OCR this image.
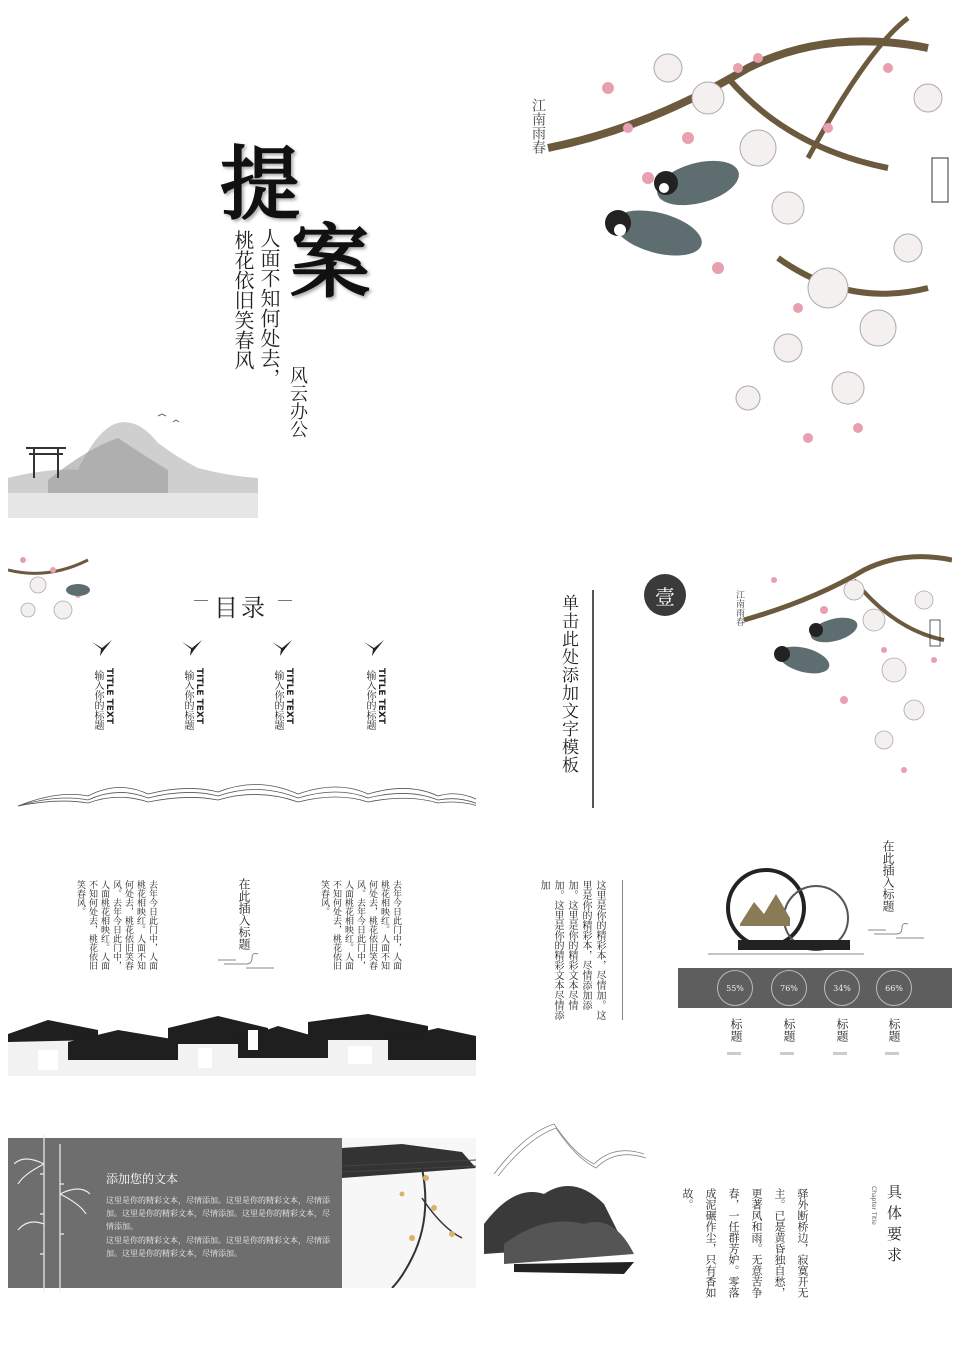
提
案
人面不知何处去，
桃花依旧笑春风
风云办公
江南雨春
目录
TITLE TEXT
输入你的标题	TITLE TEXT
输入你的标题	TITLE TEXT
输入你的标题	TITLE TEXT
输入你的标题	单击此处添加文字模板	壹	江南雨春
去年今日此门中，人面桃花相映红。人面不知何处去，桃花依旧笑春风。去年今日此门中，人面桃花相映红。人面不知何处去，桃花依旧笑春风。	在此插入标题	去年今日此门中，人面桃花相映红。人面不知何处去，桃花依旧笑春风。去年今日此门中，人面桃花相映红。人面不知何处去，桃花依旧笑春风。	这里是你的精彩本，尽情加。这里是你的精彩本，尽情添加添加。这里是你的精彩文本尽情加。这里是你的精彩文本尽情添加	在此插入标题
55%	76%	34%	66%
标题	标题	标题	标题
添加您的文本
这里是你的精彩文本，尽情添加。这里是你的精彩文本，尽情添加。这里是你的精彩文本，尽情添加。这里是你的精彩文本，尽情添加。
这里是你的精彩文本，尽情添加。这里是你的精彩文本，尽情添加。这里是你的精彩文本，尽情添加。	具体要求
Chapter Title
驿外断桥边，寂寞开无主。已是黄昏独自愁，更著风和雨。无意苦争春，一任群芳妒。零落成泥碾作尘，只有香如故。
